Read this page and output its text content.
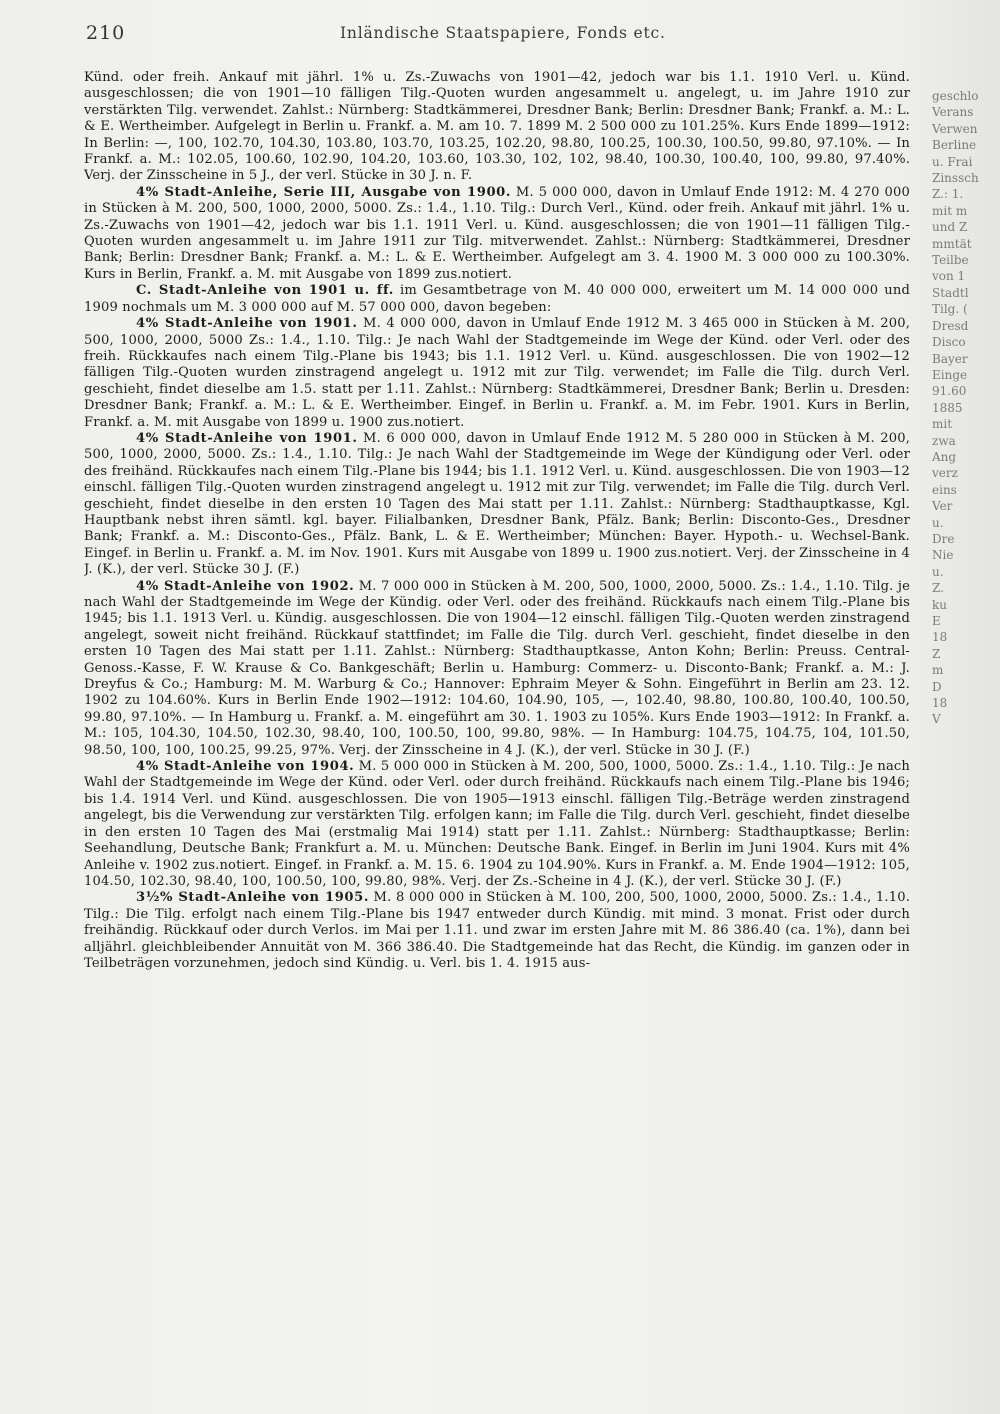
210	Inländische Staatspapiere, Fonds etc.

Künd. oder freih. Ankauf mit jährl. 1% u. Zs.-Zuwachs von 1901—42, jedoch war bis 1.1. 1910 Verl. u. Künd. ausgeschlossen; die von 1901—10 fälligen Tilg.-Quoten wurden angesammelt u. angelegt, u. im Jahre 1910 zur verstärkten Tilg. verwendet. Zahlst.: Nürnberg: Stadtkämmerei, Dresdner Bank; Berlin: Dresdner Bank; Frankf. a. M.: L. & E. Wertheimber. Aufgelegt in Berlin u. Frankf. a. M. am 10. 7. 1899 M. 2 500 000 zu 101.25%. Kurs Ende 1899—1912: In Berlin: —, 100, 102.70, 104.30, 103.80, 103.70, 103.25, 102.20, 98.80, 100.25, 100.30, 100.50, 99.80, 97.10%. — In Frankf. a. M.: 102.05, 100.60, 102.90, 104.20, 103.60, 103.30, 102, 102, 98.40, 100.30, 100.40, 100, 99.80, 97.40%. Verj. der Zinsscheine in 5 J., der verl. Stücke in 30 J. n. F.

4% Stadt-Anleihe, Serie III, Ausgabe von 1900. M. 5 000 000, davon in Umlauf Ende 1912: M. 4 270 000 in Stücken à M. 200, 500, 1000, 2000, 5000. Zs.: 1.4., 1.10. Tilg.: Durch Verl., Künd. oder freih. Ankauf mit jährl. 1% u. Zs.-Zuwachs von 1901—42, jedoch war bis 1.1. 1911 Verl. u. Künd. ausgeschlossen; die von 1901—11 fälligen Tilg.-Quoten wurden angesammelt u. im Jahre 1911 zur Tilg. mitverwendet. Zahlst.: Nürnberg: Stadtkämmerei, Dresdner Bank; Berlin: Dresdner Bank; Frankf. a. M.: L. & E. Wertheimber. Aufgelegt am 3. 4. 1900 M. 3 000 000 zu 100.30%. Kurs in Berlin, Frankf. a. M. mit Ausgabe von 1899 zus.notiert.

C. Stadt-Anleihe von 1901 u. ff. im Gesamtbetrage von M. 40 000 000, erweitert um M. 14 000 000 und 1909 nochmals um M. 3 000 000 auf M. 57 000 000, davon begeben:

4% Stadt-Anleihe von 1901. M. 4 000 000, davon in Umlauf Ende 1912 M. 3 465 000 in Stücken à M. 200, 500, 1000, 2000, 5000 Zs.: 1.4., 1.10. Tilg.: Je nach Wahl der Stadtgemeinde im Wege der Künd. oder Verl. oder des freih. Rückkaufes nach einem Tilg.-Plane bis 1943; bis 1.1. 1912 Verl. u. Künd. ausgeschlossen. Die von 1902—12 fälligen Tilg.-Quoten wurden zinstragend angelegt u. 1912 mit zur Tilg. verwendet; im Falle die Tilg. durch Verl. geschieht, findet dieselbe am 1.5. statt per 1.11. Zahlst.: Nürnberg: Stadtkämmerei, Dresdner Bank; Berlin u. Dresden: Dresdner Bank; Frankf. a. M.: L. & E. Wertheimber. Eingef. in Berlin u. Frankf. a. M. im Febr. 1901. Kurs in Berlin, Frankf. a. M. mit Ausgabe von 1899 u. 1900 zus.notiert.

4% Stadt-Anleihe von 1901. M. 6 000 000, davon in Umlauf Ende 1912 M. 5 280 000 in Stücken à M. 200, 500, 1000, 2000, 5000. Zs.: 1.4., 1.10. Tilg.: Je nach Wahl der Stadtgemeinde im Wege der Kündigung oder Verl. oder des freihänd. Rückkaufes nach einem Tilg.-Plane bis 1944; bis 1.1. 1912 Verl. u. Künd. ausgeschlossen. Die von 1903—12 einschl. fälligen Tilg.-Quoten wurden zinstragend angelegt u. 1912 mit zur Tilg. verwendet; im Falle die Tilg. durch Verl. geschieht, findet dieselbe in den ersten 10 Tagen des Mai statt per 1.11. Zahlst.: Nürnberg: Stadthauptkasse, Kgl. Hauptbank nebst ihren sämtl. kgl. bayer. Filialbanken, Dresdner Bank, Pfälz. Bank; Berlin: Disconto-Ges., Dresdner Bank; Frankf. a. M.: Disconto-Ges., Pfälz. Bank, L. & E. Wertheimber; München: Bayer. Hypoth.- u. Wechsel-Bank. Eingef. in Berlin u. Frankf. a. M. im Nov. 1901. Kurs mit Ausgabe von 1899 u. 1900 zus.notiert. Verj. der Zinsscheine in 4 J. (K.), der verl. Stücke 30 J. (F.)

4% Stadt-Anleihe von 1902. M. 7 000 000 in Stücken à M. 200, 500, 1000, 2000, 5000. Zs.: 1.4., 1.10. Tilg. je nach Wahl der Stadtgemeinde im Wege der Kündig. oder Verl. oder des freihänd. Rückkaufs nach einem Tilg.-Plane bis 1945; bis 1.1. 1913 Verl. u. Kündig. ausgeschlossen. Die von 1904—12 einschl. fälligen Tilg.-Quoten werden zinstragend angelegt, soweit nicht freihänd. Rückkauf stattfindet; im Falle die Tilg. durch Verl. geschieht, findet dieselbe in den ersten 10 Tagen des Mai statt per 1.11. Zahlst.: Nürnberg: Stadthauptkasse, Anton Kohn; Berlin: Preuss. Central-Genoss.-Kasse, F. W. Krause & Co. Bankgeschäft; Berlin u. Hamburg: Commerz- u. Disconto-Bank; Frankf. a. M.: J. Dreyfus & Co.; Hamburg: M. M. Warburg & Co.; Hannover: Ephraim Meyer & Sohn. Eingeführt in Berlin am 23. 12. 1902 zu 104.60%. Kurs in Berlin Ende 1902—1912: 104.60, 104.90, 105, —, 102.40, 98.80, 100.80, 100.40, 100.50, 99.80, 97.10%. — In Hamburg u. Frankf. a. M. eingeführt am 30. 1. 1903 zu 105%. Kurs Ende 1903—1912: In Frankf. a. M.: 105, 104.30, 104.50, 102.30, 98.40, 100, 100.50, 100, 99.80, 98%. — In Hamburg: 104.75, 104.75, 104, 101.50, 98.50, 100, 100, 100.25, 99.25, 97%. Verj. der Zinsscheine in 4 J. (K.), der verl. Stücke in 30 J. (F.)

4% Stadt-Anleihe von 1904. M. 5 000 000 in Stücken à M. 200, 500, 1000, 5000. Zs.: 1.4., 1.10. Tilg.: Je nach Wahl der Stadtgemeinde im Wege der Künd. oder Verl. oder durch freihänd. Rückkaufs nach einem Tilg.-Plane bis 1946; bis 1.4. 1914 Verl. und Künd. ausgeschlossen. Die von 1905—1913 einschl. fälligen Tilg.-Beträge werden zinstragend angelegt, bis die Verwendung zur verstärkten Tilg. erfolgen kann; im Falle die Tilg. durch Verl. geschieht, findet dieselbe in den ersten 10 Tagen des Mai (erstmalig Mai 1914) statt per 1.11. Zahlst.: Nürnberg: Stadthauptkasse; Berlin: Seehandlung, Deutsche Bank; Frankfurt a. M. u. München: Deutsche Bank. Eingef. in Berlin im Juni 1904. Kurs mit 4% Anleihe v. 1902 zus.notiert. Eingef. in Frankf. a. M. 15. 6. 1904 zu 104.90%. Kurs in Frankf. a. M. Ende 1904—1912: 105, 104.50, 102.30, 98.40, 100, 100.50, 100, 99.80, 98%. Verj. der Zs.-Scheine in 4 J. (K.), der verl. Stücke 30 J. (F.)

3½% Stadt-Anleihe von 1905. M. 8 000 000 in Stücken à M. 100, 200, 500, 1000, 2000, 5000. Zs.: 1.4., 1.10. Tilg.: Die Tilg. erfolgt nach einem Tilg.-Plane bis 1947 entweder durch Kündig. mit mind. 3 monat. Frist oder durch freihändig. Rückkauf oder durch Verlos. im Mai per 1.11. und zwar im ersten Jahre mit M. 86 386.40 (ca. 1%), dann bei alljährl. gleichbleibender Annuität von M. 366 386.40. Die Stadtgemeinde hat das Recht, die Kündig. im ganzen oder in Teilbeträgen vorzunehmen, jedoch sind Kündig. u. Verl. bis 1. 4. 1915 aus-

geschlo
Verans
Verwen
Berline
u. Frai
Zinssch
Z.: 1.
mit m
und Z
mmtät
Teilbe
von 1
Stadtl
Tilg. (
Dresd
Disco
Bayer
Einge
91.60
1885
mit
zwa
Ang
verz
eins
Ver
u.
Dre
Nie
u.
Z.
ku
E
18
Z
m
D
18
V
